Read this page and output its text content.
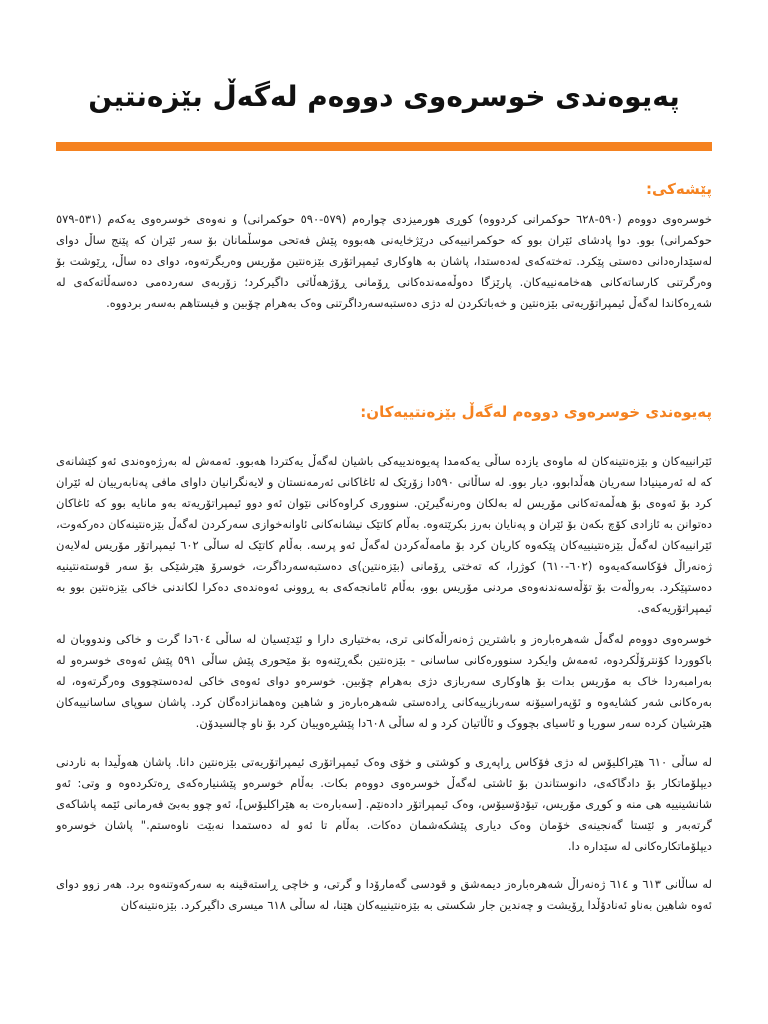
پەیوەندی خوسرەوی دووەم لەگەڵ بێزەنتین
پێشەکی:
خوسرەوی دووەم (٥٩٠-٦٢٨ حوکمرانی کردووە) کوڕی هورمیزدی چوارەم (٥٧٩-٥٩٠ حوکمرانی) و نەوەی خوسرەوی یەکەم (٥٣١-٥٧٩ حوکمرانی) بوو. دوا پادشای ئێران بوو کە حوکمرانییەکی درێژخایەنی هەبووە پێش فەتحی موسڵمانان بۆ سەر ئێران کە پێنج ساڵ دوای لەسێدارەدانی دەستی پێکرد. تەختەکەی لەدەستدا، پاشان بە هاوکاری ئیمپراتۆری بێزەنتین مۆریس وەریگرتەوە، دوای دە ساڵ، ڕێوشت بۆ وەرگرتنی کارساتەکانی هەخامەنییەکان. پارێزگا دەوڵەمەندەکانی ڕۆمانی ڕۆژهەڵاتی داگیرکرد؛ زۆربەی سەردەمی دەسەڵاتەکەی لە شەڕەکاندا لەگەڵ ئیمپراتۆریەتی بێزەنتین و خەباتکردن لە دژی دەستبەسەرداگرتنی وەک بەهرام چۆبین و فیستاهم بەسەر بردووە.
پەیوەندی خوسرەوی دووەم لەگەڵ بێزەنتییەکان:
ئێرانییەکان و بێزەنتینەکان لە ماوەی یازدە ساڵی یەکەمدا پەیوەندییەکی باشیان لەگەڵ یەکتردا هەبوو. ئەمەش لە بەرژەوەندی ئەو کێشانەی کە لە ئەرمینیادا سەریان هەڵدابوو، دیار بوو. لە ساڵانی ٥٩٠دا زۆرێک لە ئاغاکانی ئەرمەنستان و لایەنگرانیان داوای مافی پەنابەرییان لە ئێران کرد بۆ ئەوەی بۆ هەڵمەتەکانی مۆریس لە بەلکان وەرنەگیرێن. سنووری کراوەکانی نێوان ئەو دوو ئیمپراتۆریەتە بەو مانایە بوو کە ئاغاکان دەتوانن بە ئازادی کۆچ بکەن بۆ ئێران و پەنایان بەرز بکرێتەوە. بەڵام کاتێک نیشانەکانی ئاوانەخوازی سەرکردن لەگەڵ بێزەنتینەکان دەرکەوت، ئێرانییەکان لەگەڵ بێزەنتینییەکان پێکەوە کاریان کرد بۆ مامەڵەکردن لەگەڵ ئەو پرسە. بەڵام کاتێک لە ساڵی ٦٠٢ ئیمپراتۆر مۆریس لەلایەن ژەنەراڵ فۆکاسەکەیەوە (٦٠٢-٦١٠) کوژرا، کە تەختی ڕۆمانی (بێزەنتین)ی دەستبەسەرداگرت، خوسرۆ هێرشێکی بۆ سەر قوستەنتینیە دەستپێکرد. بەرواڵەت بۆ تۆڵەسەندنەوەی مردنی مۆریس بوو، بەڵام ئامانجەکەی بە ڕوونی ئەوەندەی دەکرا لکاندنی خاکی بێزەنتین بوو بە ئیمپراتۆریەکەی.
خوسرەوی دووەم لەگەڵ شەهرەبارەز و باشترین ژەنەراڵەکانی تری، بەختیاری دارا و ئێدێسیان لە ساڵی ٦٠٤دا گرت و خاکی وندووبان لە باکووردا کۆنترۆڵکردوە، ئەمەش وایکرد سنوورەکانی ساسانی - بێزەنتین بگەڕێنەوە بۆ مێحوری پێش ساڵی ٥٩١ پێش ئەوەی خوسرەو لە بەرامبەردا خاک بە مۆریس بدات بۆ هاوکاری سەربازی دژی بەهرام چۆبین. خوسرەو دوای ئەوەی خاکی لەدەستچووی وەرگرتەوە، لە بەرەکانی شەر کشایەوە و ئۆپەراسیۆنە سەربازییەکانی ڕادەستی شەهرەبارەز و شاهین وەهمانزادەگان کرد. پاشان سوپای ساسانییەکان هێرشیان کردە سەر سوریا و ئاسیای بچووک و ئاڵاتیان کرد و لە ساڵی ٦٠٨دا پێشڕەوییان کرد بۆ ناو چالسیدۆن.
لە ساڵی ٦١٠ هێراکلیۆس لە دژی فۆکاس ڕاپەڕی و کوشتی و خۆی وەک ئیمپراتۆری ئیمپراتۆریەتی بێزەنتین دانا. پاشان هەوڵیدا بە ناردنی دیپلۆماتکار بۆ دادگاکەی، دانوستاندن بۆ ئاشتی لەگەڵ خوسرەوی دووەم بکات. بەڵام خوسرەو پێشنیارەکەی ڕەتکردەوە و وتی: ئەو شانشینییە هی منە و کوڕی مۆریس، تیۆدۆسیۆس، وەک ئیمپراتۆر دادەنێم. [سەبارەت بە هێراکلیۆس]، ئەو چوو بەبێ فەرمانی ئێمە پاشاکەی گرتەبەر و ئێستا گەنجینەی خۆمان وەک دیاری پێشکەشمان دەکات. بەڵام تا ئەو لە دەستمدا نەبێت ناوەستم." پاشان خوسرەو دیپلۆماتکارەکانی لە سێدارە دا.
لە ساڵانی ٦١٣ و ٦١٤ ژەنەراڵ شەهرەبارەز دیمەشق و قودسی گەمارۆدا و گرتی، و خاچی ڕاستەقینە بە سەرکەوتنەوە برد. هەر زوو دوای ئەوە شاهین بەناو ئەنادۆڵدا ڕۆیشت و چەندین جار شکستی بە بێزەنتینییەکان هێنا، لە ساڵی ٦١٨ میسری داگیرکرد. بێزەنتینەکان
